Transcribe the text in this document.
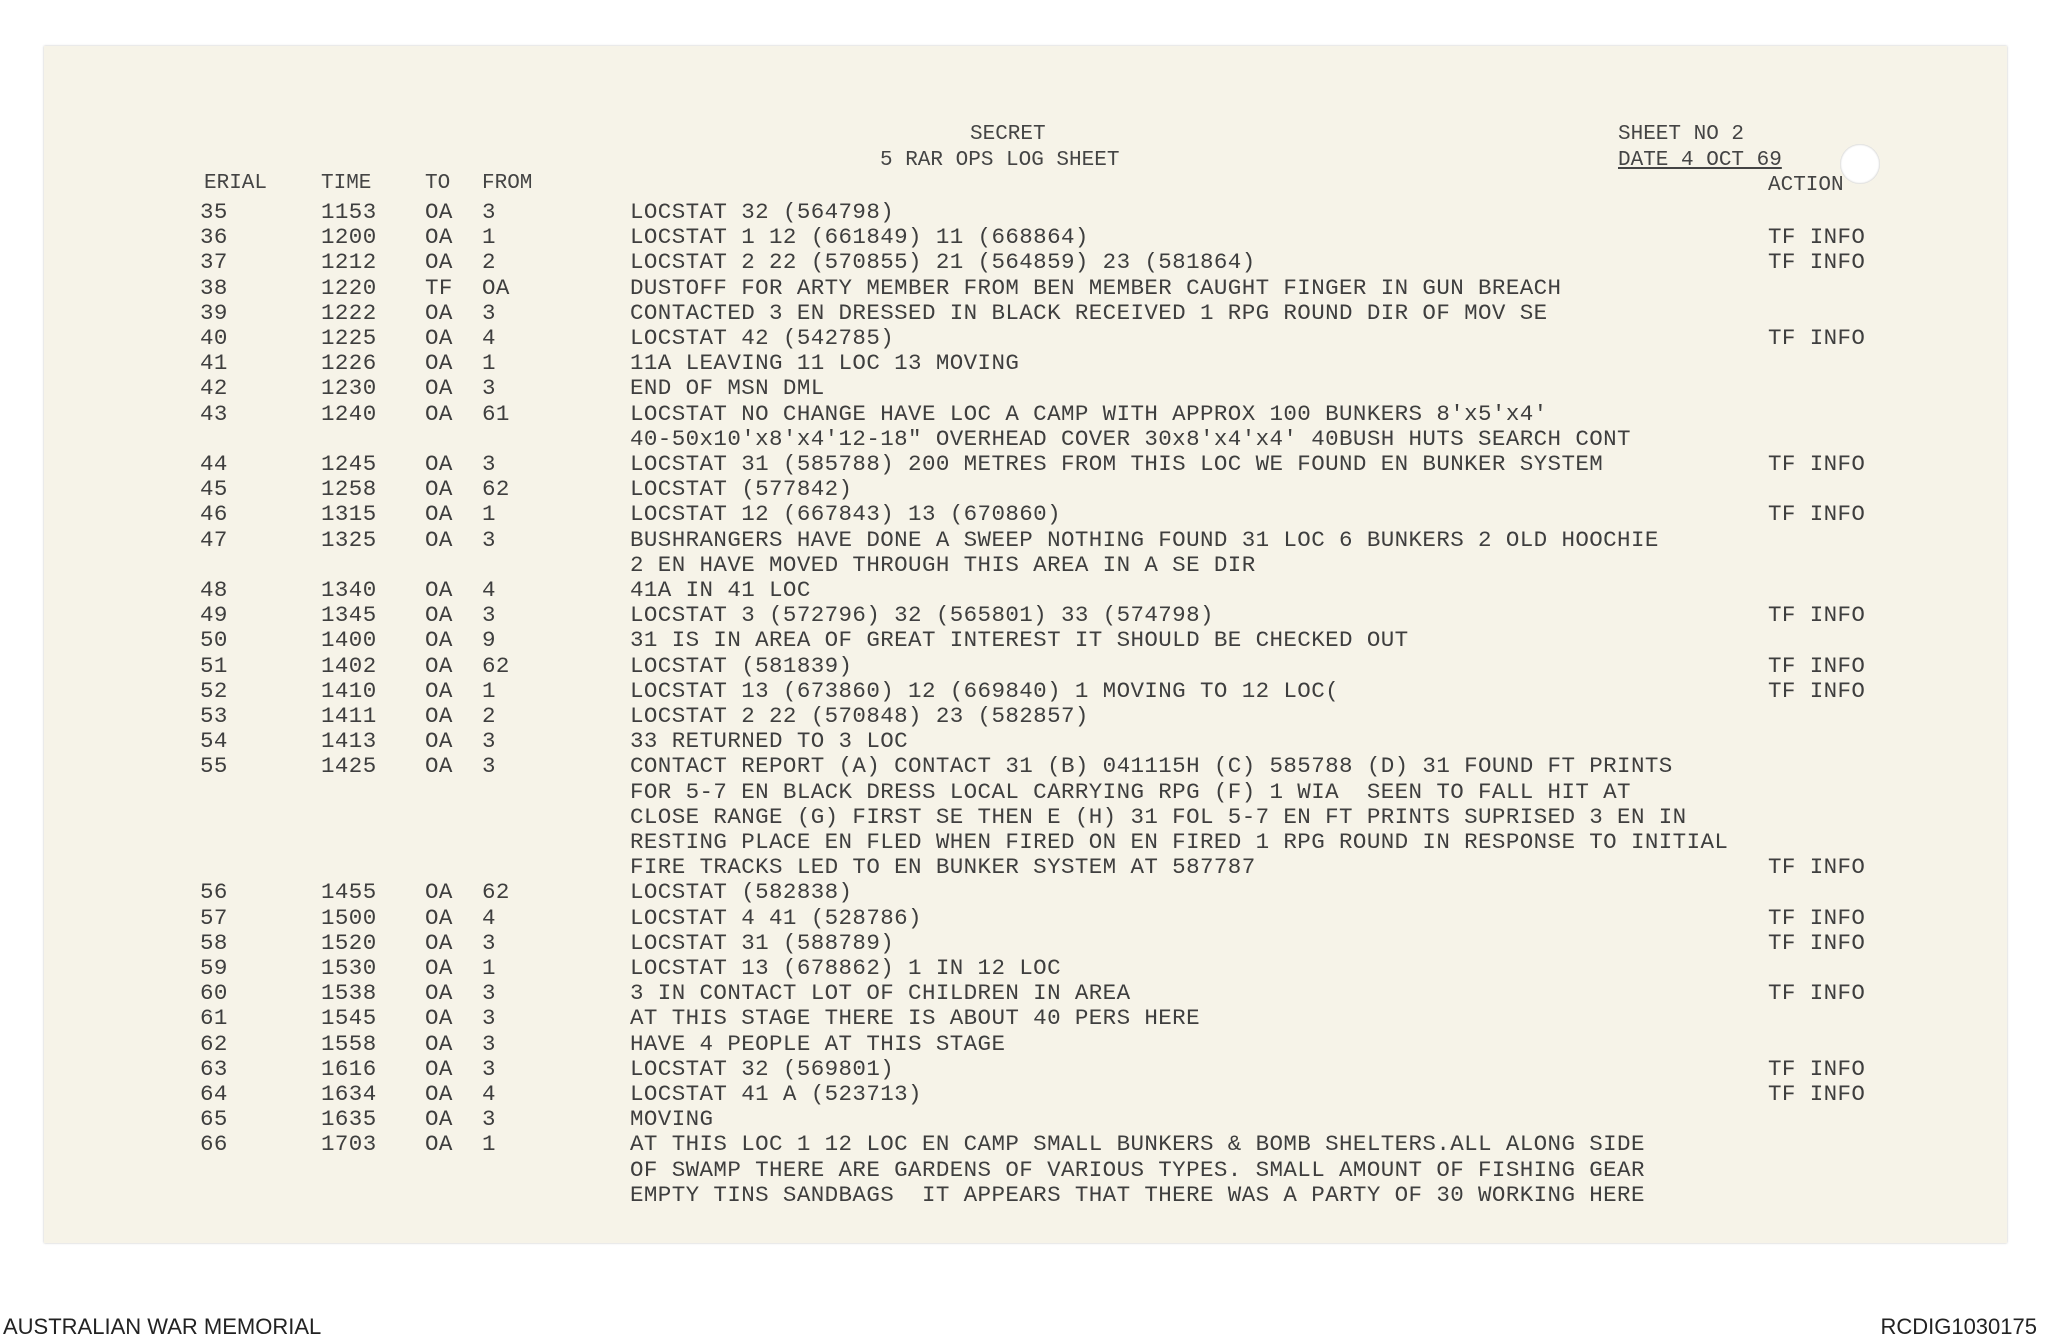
35	1153 OA 3	LOCSTAT 32 (564798)
36	1200 OA 1	LOCSTAT 1 12 (661849) 11 (668864)	TF INFO
37	1212 OA 2	LOCSTAT 2 22 (570855) 21 (564859) 23 (581864)	TF INFO
38	1220 TF OA	DUSTOFF FOR ARTY MEMBER FROM BEN MEMBER CAUGHT FINGER IN GUN BREACH
39	1222 OA 3	CONTACTED 3 EN DRESSED IN BLACK RECEIVED 1 RPG ROUND DIR OF MOV SE
40	1225 OA 4	LOCSTAT 42 (542785)	TF INFO
41	1226 OA 1	11A LEAVING 11 LOC 13 MOVING
42	1230 OA 3	END OF MSN DML
43	1240 OA 61	LOCSTAT NO CHANGE HAVE LOC A CAMP WITH APPROX 100 BUNKERS 8'x5'x4'
40-50x10'x8'x4'12-18" OVERHEAD COVER 30x8'x4'x4' 40BUSH HUTS SEARCH CONT
44	1245 OA 3	LOCSTAT 31 (585788) 200 METRES FROM THIS LOC WE FOUND EN BUNKER SYSTEM	TF INFO
45	1258 OA 62	LOCSTAT (577842)
46	1315 OA 1	LOCSTAT 12 (667843) 13 (670860)	TF INFO
47	1325 OA 3	BUSHRANGERS HAVE DONE A SWEEP NOTHING FOUND 31 LOC 6 BUNKERS 2 OLD HOOCHIE
2 EN HAVE MOVED THROUGH THIS AREA IN A SE DIR
48	1340 OA 4	41A IN 41 LOC
49	1345 OA 3	LOCSTAT 3 (572796) 32 (565801) 33 (574798)	TF INFO
50	1400 OA 9	31 IS IN AREA OF GREAT INTEREST IT SHOULD BE CHECKED OUT
51	1402 OA 62	LOCSTAT (581839)	TF INFO
52	1410 OA 1	LOCSTAT 13 (673860) 12 (669840) 1 MOVING TO 12 LOC(	TF INFO
53	1411 OA 2	LOCSTAT 2 22 (570848) 23 (582857)
54	1413 OA 3	33 RETURNED TO 3 LOC
55	1425 OA 3	CONTACT REPORT (A) CONTACT 31 (B) 041115H (C) 585788 (D) 31 FOUND FT PRINTS
FOR 5-7 EN BLACK DRESS LOCAL CARRYING RPG (F) 1 WIA  SEEN TO FALL HIT AT
CLOSE RANGE (G) FIRST SE THEN E (H) 31 FOL 5-7 EN FT PRINTS SUPRISED 3 EN IN
RESTING PLACE EN FLED WHEN FIRED ON EN FIRED 1 RPG ROUND IN RESPONSE TO INITIAL
FIRE TRACKS LED TO EN BUNKER SYSTEM AT 587787	TF INFO
56	1455 OA 62	LOCSTAT (582838)
57	1500 OA 4	LOCSTAT 4 41 (528786)	TF INFO
58	1520 OA 3	LOCSTAT 31 (588789)	TF INFO
59	1530 OA 1	LOCSTAT 13 (678862) 1 IN 12 LOC
60	1538 OA 3	3 IN CONTACT LOT OF CHILDREN IN AREA	TF INFO
61	1545 OA 3	AT THIS STAGE THERE IS ABOUT 40 PERS HERE
62	1558 OA 3	HAVE 4 PEOPLE AT THIS STAGE
63	1616 OA 3	LOCSTAT 32 (569801)	TF INFO
64	1634 OA 4	LOCSTAT 41 A (523713)	TF INFO
65	1635 OA 3	MOVING
66	1703 OA 1	AT THIS LOC 1 12 LOC EN CAMP SMALL BUNKERS & BOMB SHELTERS.ALL ALONG SIDE
OF SWAMP THERE ARE GARDENS OF VARIOUS TYPES. SMALL AMOUNT OF FISHING GEAR
EMPTY TINS SANDBAGS  IT APPEARS THAT THERE WAS A PARTY OF 30 WORKING HERE
SECRET
5 RAR OPS LOG SHEET
SHEET NO 2
DATE 4 OCT 69
ERIAL	TIME	TO FROM	ACTION
AUSTRALIAN WAR MEMORIAL	RCDIG1030175
